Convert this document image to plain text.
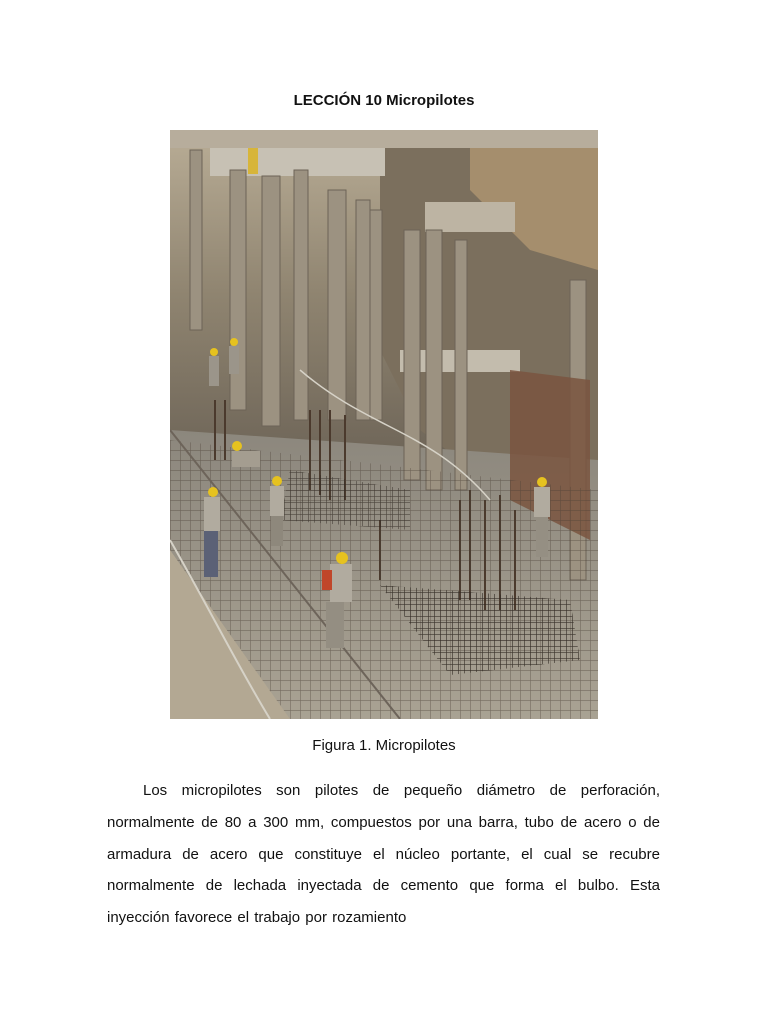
LECCIÓN 10 Micropilotes
Figura 1. Micropilotes

Los micropilotes son pilotes de pequeño diámetro de perforación, normalmente de 80 a 300 mm, compuestos por una barra, tubo de acero o de armadura de acero que constituye el núcleo portante, el cual se recubre normalmente de lechada inyectada de cemento que forma el bulbo. Esta inyección favorece el trabajo por rozamiento
